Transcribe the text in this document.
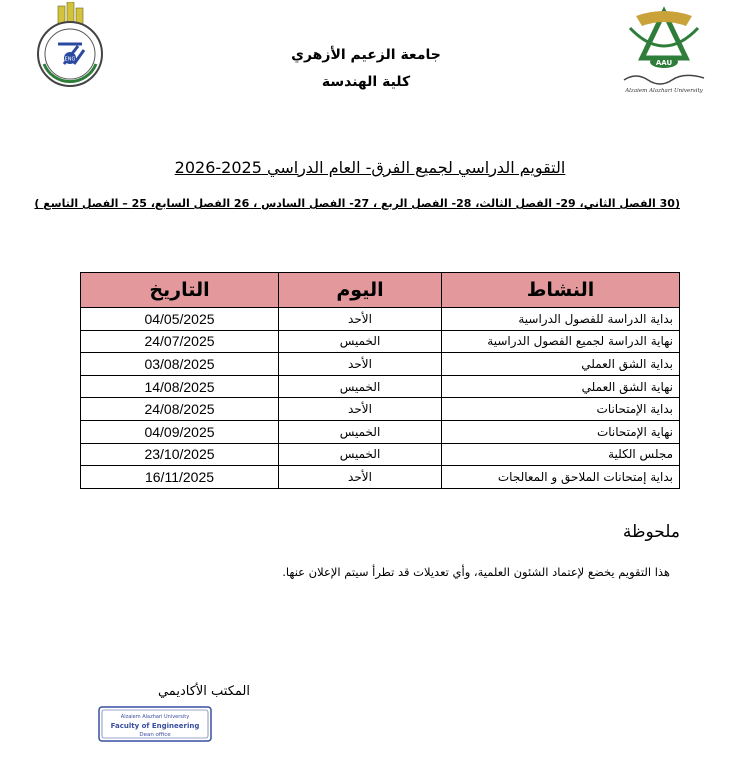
ENG	AAU
Alzaiem Alazhari University
جامعة الزعيم الأزهري
كلية الهندسة
التقويم الدراسي لجميع الفرق- العام الدراسي 2025-2026
(30 الفصل الثاني، 29- الفصل الثالث، 28- الفصل الربع ، 27- الفصل السادس ، 26 الفصل السابع، 25 – الفصل التاسع )
النشاط	اليوم	التاريخ
بداية الدراسة للفصول الدراسية	الأحد	04/05/2025
نهاية الدراسة لجميع الفصول الدراسية	الخميس	24/07/2025
بداية الشق العملي	الأحد	03/08/2025
نهاية الشق العملي	الخميس	14/08/2025
بداية الإمتحانات	الأحد	24/08/2025
نهاية الإمتحانات	الخميس	04/09/2025
مجلس الكلية	الخميس	23/10/2025
بداية إمتحانات الملاحق و المعالجات	الأحد	16/11/2025
ملحوظة
هذا التقويم يخضع لإعتماد الشئون العلمية، وأي تعديلات قد تطرأ سيتم الإعلان عنها.
المكتب الأكاديمي
Alzaiem Alazhari University
Faculty of Engineering
Dean office
